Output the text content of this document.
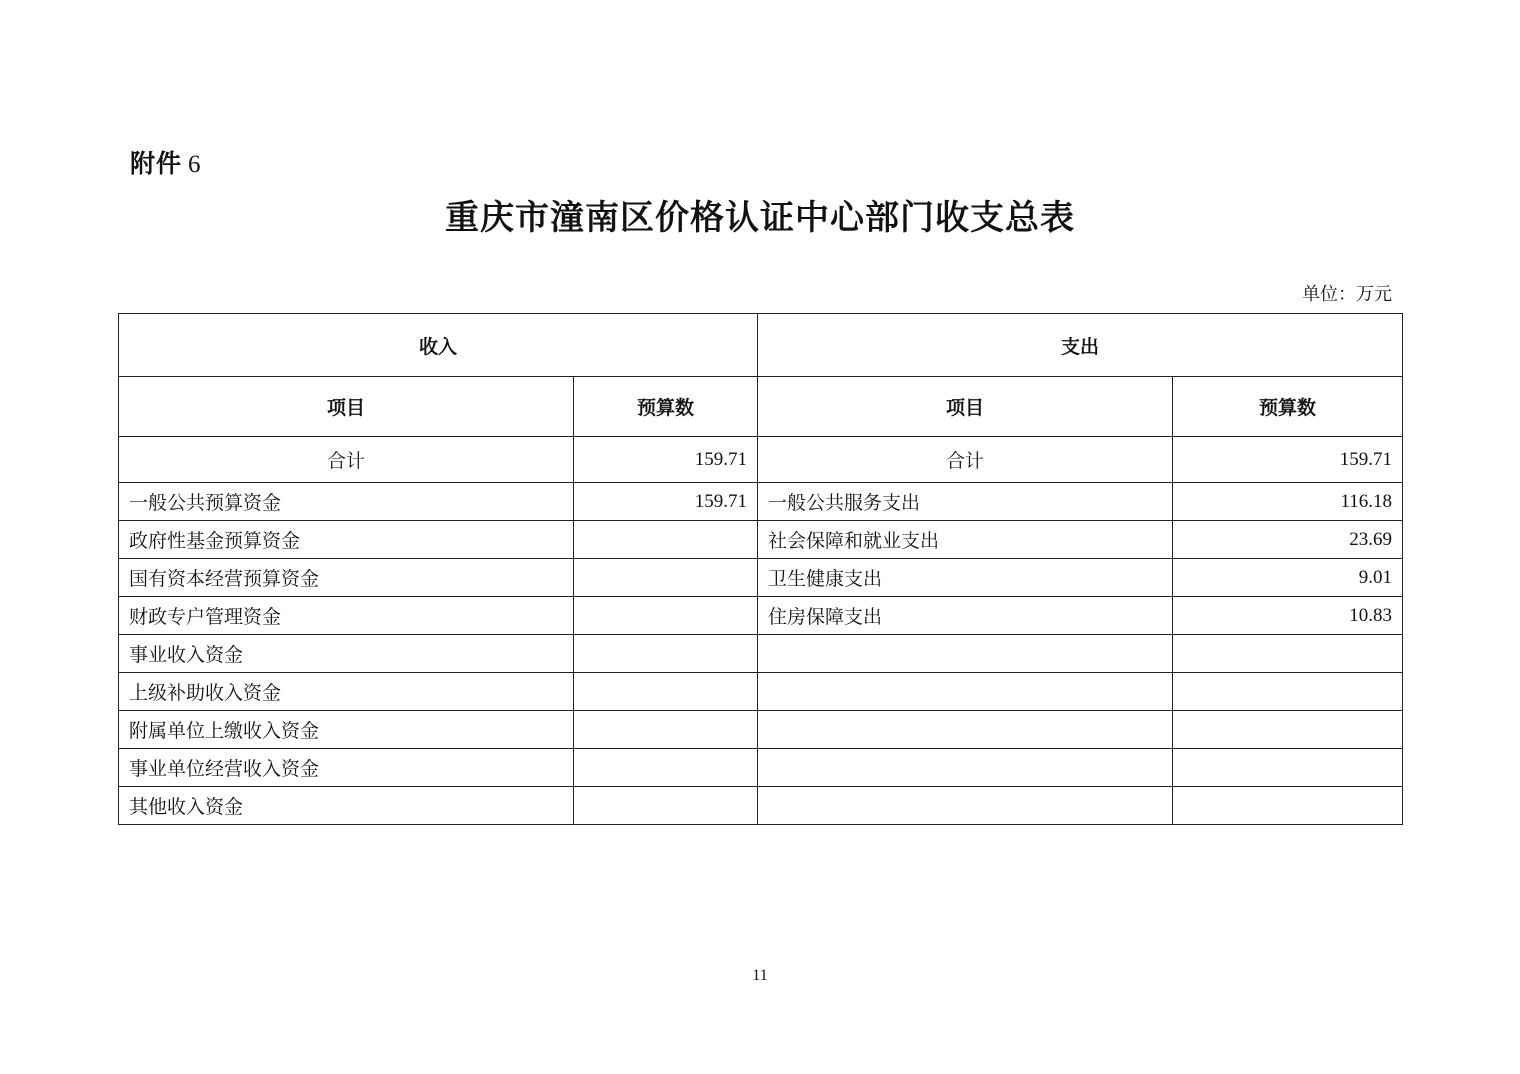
附件 6
重庆市潼南区价格认证中心部门收支总表
单位：万元
收入		支出	
项目	预算数	项目	预算数
合计	159.71	合计	159.71
一般公共预算资金	159.71	一般公共服务支出	116.18
政府性基金预算资金		社会保障和就业支出	23.69
国有资本经营预算资金		卫生健康支出	9.01
财政专户管理资金		住房保障支出	10.83
事业收入资金			
上级补助收入资金			
附属单位上缴收入资金			
事业单位经营收入资金			
其他收入资金			
11
